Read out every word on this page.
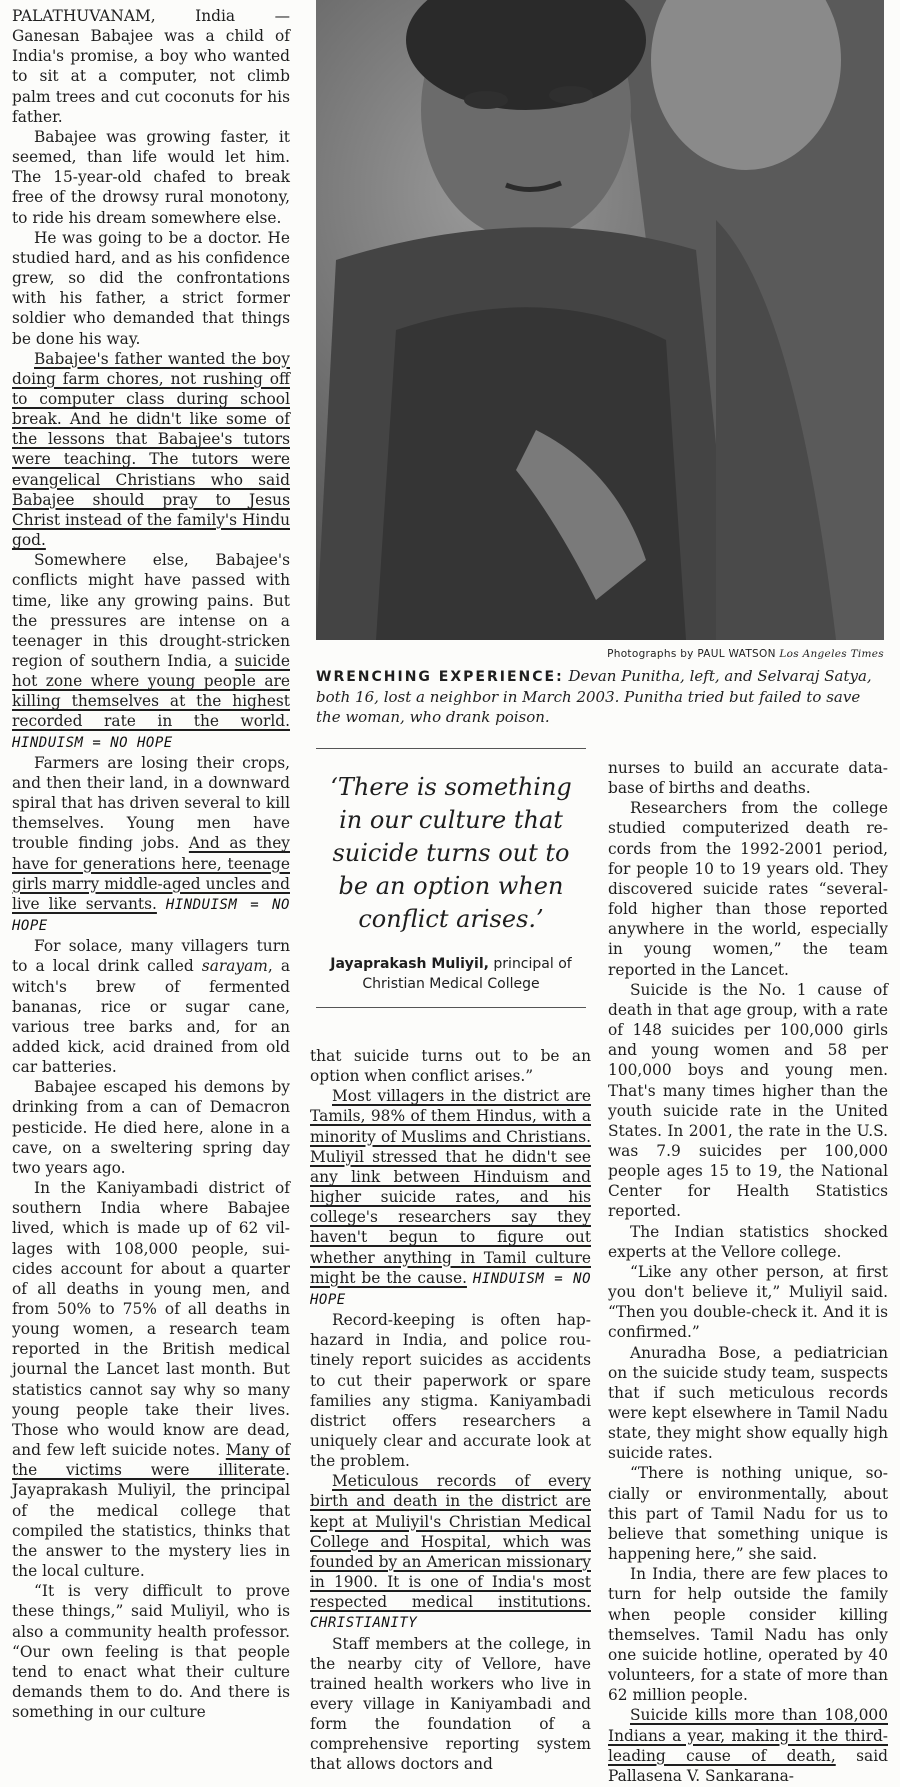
PALATHUVANAM, India — Ganesan Babajee was a child of India's promise, a boy who wanted to sit at a computer, not climb palm trees and cut coconuts for his father.

Babajee was growing faster, it seemed, than life would let him. The 15-year-old chafed to break free of the drowsy rural monotony, to ride his dream somewhere else.

He was going to be a doctor. He studied hard, and as his confidence grew, so did the confrontations with his father, a strict former soldier who demanded that things be done his way.

Babajee's father wanted the boy doing farm chores, not rushing off to computer class during school break. And he didn't like some of the lessons that Babajee's tutors were teaching. The tutors were evangelical Christians who said Babajee should pray to Jesus Christ instead of the family's Hindu god.

Somewhere else, Babajee's conflicts might have passed with time, like any growing pains. But the pressures are intense on a teenager in this drought-stricken region of southern India, a suicide hot zone where young people are killing themselves at the highest recorded rate in the world. HINDUISM = NO HOPE

Farmers are losing their crops, and then their land, in a downward spiral that has driven several to kill themselves. Young men have trouble finding jobs. And as they have for generations here, teenage girls marry middle-aged uncles and live like servants. HINDUISM = NO HOPE

For solace, many villagers turn to a local drink called sarayam, a witch's brew of fermented bananas, rice or sugar cane, various tree barks and, for an added kick, acid drained from old car batteries.

Babajee escaped his demons by drinking from a can of Demacron pesticide. He died here, alone in a cave, on a sweltering spring day two years ago.

In the Kaniyambadi district of southern India where Babajee lived, which is made up of 62 villages with 108,000 people, suicides account for about a quarter of all deaths in young men, and from 50% to 75% of all deaths in young women, a research team reported in the British medical journal the Lancet last month. But statistics cannot say why so many young people take their lives. Those who would know are dead, and few left suicide notes. Many of the victims were illiterate. Jayaprakash Muliyil, the principal of the medical college that compiled the statistics, thinks that the answer to the mystery lies in the local culture.

“It is very difficult to prove these things,” said Muliyil, who is also a community health professor. “Our own feeling is that people tend to enact what their culture demands them to do. And there is something in our culture

Photographs by PAUL WATSON Los Angeles Times
WRENCHING EXPERIENCE: Devan Punitha, left, and Selvaraj Satya, both 16, lost a neighbor in March 2003. Punitha tried but failed to save the woman, who drank poison.
‘There is something in our culture that suicide turns out to be an option when conflict arises.’
Jayaprakash Muliyil, principal of Christian Medical College

that suicide turns out to be an option when conflict arises.”

Most villagers in the district are Tamils, 98% of them Hindus, with a minority of Muslims and Christians. Muliyil stressed that he didn't see any link between Hinduism and higher suicide rates, and his college's researchers say they haven't begun to figure out whether anything in Tamil culture might be the cause. HINDUISM = NO HOPE

Record-keeping is often haphazard in India, and police routinely report suicides as accidents to cut their paperwork or spare families any stigma. Kaniyambadi district offers researchers a uniquely clear and accurate look at the problem.

Meticulous records of every birth and death in the district are kept at Muliyil's Christian Medical College and Hospital, which was founded by an American missionary in 1900. It is one of India's most respected medical institutions. CHRISTIANITY

Staff members at the college, in the nearby city of Vellore, have trained health workers who live in every village in Kaniyambadi and form the foundation of a comprehensive reporting system that allows doctors and

nurses to build an accurate database of births and deaths.

Researchers from the college studied computerized death records from the 1992-2001 period, for people 10 to 19 years old. They discovered suicide rates “several-fold higher than those reported anywhere in the world, especially in young women,” the team reported in the Lancet.

Suicide is the No. 1 cause of death in that age group, with a rate of 148 suicides per 100,000 girls and young women and 58 per 100,000 boys and young men. That's many times higher than the youth suicide rate in the United States. In 2001, the rate in the U.S. was 7.9 suicides per 100,000 people ages 15 to 19, the National Center for Health Statistics reported.

The Indian statistics shocked experts at the Vellore college.

“Like any other person, at first you don't believe it,” Muliyil said. “Then you double-check it. And it is confirmed.”

Anuradha Bose, a pediatrician on the suicide study team, suspects that if such meticulous records were kept elsewhere in Tamil Nadu state, they might show equally high suicide rates.

“There is nothing unique, socially or environmentally, about this part of Tamil Nadu for us to believe that something unique is happening here,” she said.

In India, there are few places to turn for help outside the family when people consider killing themselves. Tamil Nadu has only one suicide hotline, operated by 40 volunteers, for a state of more than 62 million people.

Suicide kills more than 108,000 Indians a year, making it the third-leading cause of death, said Pallasena V. Sankarana-
